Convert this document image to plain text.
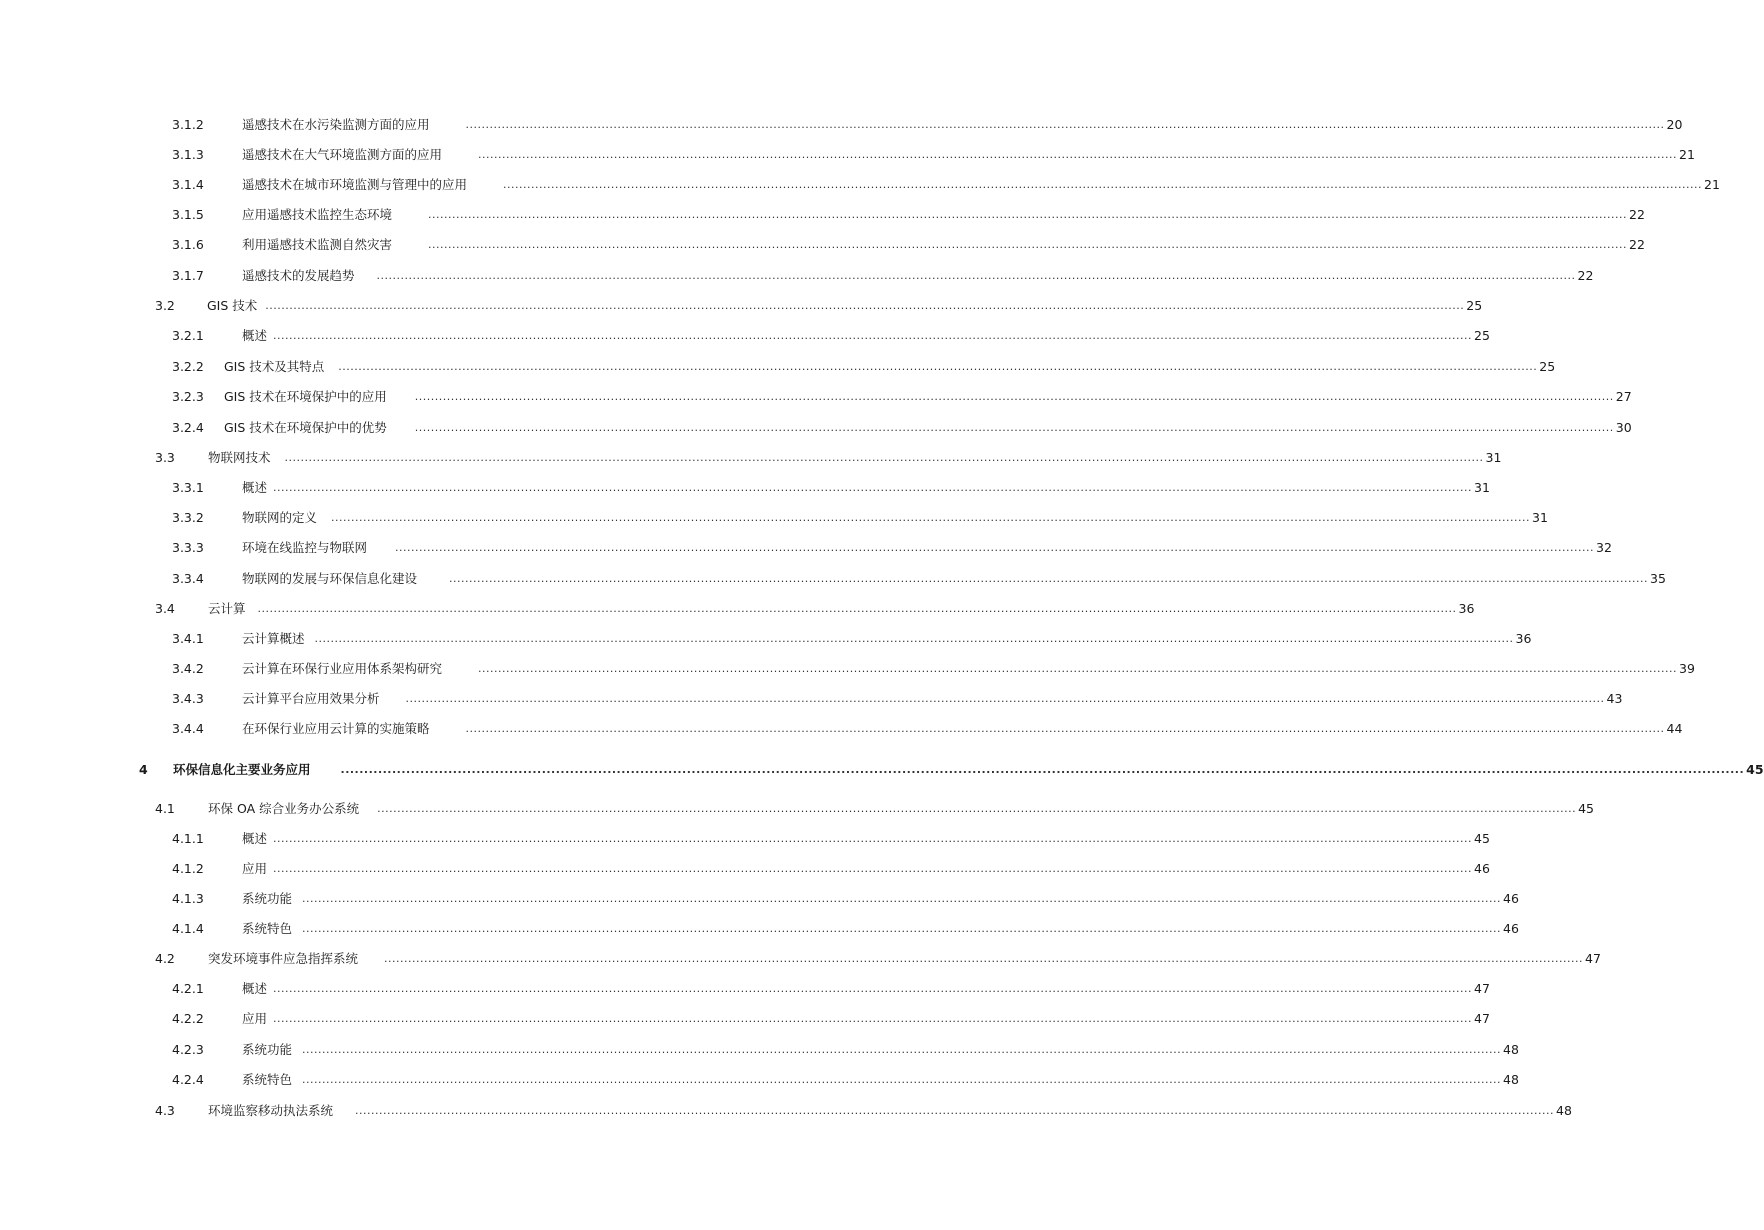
3.1.2	遥感技术在水污染监测方面的应用	............................................................................................................................................................................................................................................................................................................ 20
3.1.3	遥感技术在大气环境监测方面的应用	............................................................................................................................................................................................................................................................................................................ 21
3.1.4	遥感技术在城市环境监测与管理中的应用	............................................................................................................................................................................................................................................................................................................ 21
3.1.5	应用遥感技术监控生态环境	............................................................................................................................................................................................................................................................................................................ 22
3.1.6	利用遥感技术监测自然灾害	............................................................................................................................................................................................................................................................................................................ 22
3.1.7	遥感技术的发展趋势 ............................................................................................................................................................................................................................................................................................................ 22
3.2	GIS 技术 ............................................................................................................................................................................................................................................................................................................ 25
3.2.1	概述 ............................................................................................................................................................................................................................................................................................................ 25
3.2.2	GIS 技术及其特点 ............................................................................................................................................................................................................................................................................................................ 25
3.2.3	GIS 技术在环境保护中的应用	............................................................................................................................................................................................................................................................................................................ 27
3.2.4	GIS 技术在环境保护中的优势	............................................................................................................................................................................................................................................................................................................ 30
3.3	物联网技术 ............................................................................................................................................................................................................................................................................................................ 31
3.3.1	概述 ............................................................................................................................................................................................................................................................................................................ 31
3.3.2	物联网的定义 ............................................................................................................................................................................................................................................................................................................ 31
3.3.3	环境在线监控与物联网	............................................................................................................................................................................................................................................................................................................ 32
3.3.4	物联网的发展与环保信息化建设	............................................................................................................................................................................................................................................................................................................ 35
3.4	云计算 ............................................................................................................................................................................................................................................................................................................ 36
3.4.1	云计算概述 ............................................................................................................................................................................................................................................................................................................ 36
3.4.2	云计算在环保行业应用体系架构研究	............................................................................................................................................................................................................................................................................................................ 39
3.4.3	云计算平台应用效果分析 ............................................................................................................................................................................................................................................................................................................ 43
3.4.4	在环保行业应用云计算的实施策略	............................................................................................................................................................................................................................................................................................................ 44
4	环保信息化主要业务应用	............................................................................................................................................................................................................................................................................................................ 45
4.1	环保 OA 综合业务办公系统 ............................................................................................................................................................................................................................................................................................................ 45
4.1.1	概述 ............................................................................................................................................................................................................................................................................................................ 45
4.1.2	应用 ............................................................................................................................................................................................................................................................................................................ 46
4.1.3	系统功能 ............................................................................................................................................................................................................................................................................................................ 46
4.1.4	系统特色 ............................................................................................................................................................................................................................................................................................................ 46
4.2	突发环境事件应急指挥系统 ............................................................................................................................................................................................................................................................................................................ 47
4.2.1	概述 ............................................................................................................................................................................................................................................................................................................ 47
4.2.2	应用 ............................................................................................................................................................................................................................................................................................................ 47
4.2.3	系统功能 ............................................................................................................................................................................................................................................................................................................ 48
4.2.4	系统特色 ............................................................................................................................................................................................................................................................................................................ 48
4.3	环境监察移动执法系统 ............................................................................................................................................................................................................................................................................................................ 48
